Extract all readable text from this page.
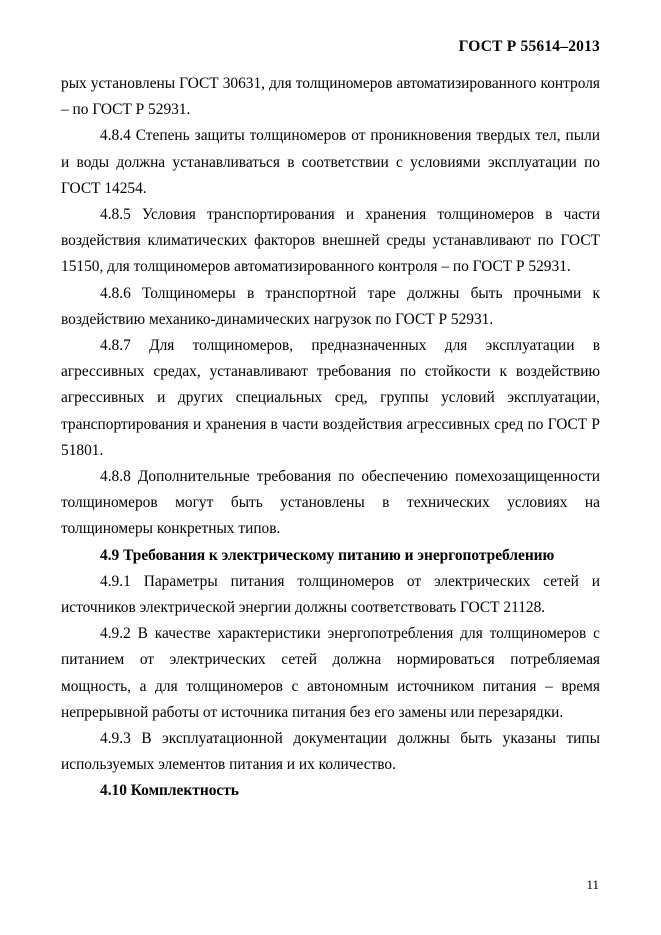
ГОСТ Р 55614–2013

рых установлены ГОСТ 30631, для толщиномеров автоматизированного контроля – по ГОСТ Р 52931.

4.8.4 Степень защиты толщиномеров от проникновения твердых тел, пыли и воды должна устанавливаться в соответствии с условиями эксплуатации по ГОСТ 14254.

4.8.5 Условия транспортирования и хранения толщиномеров в части воздействия климатических факторов внешней среды устанавливают по ГОСТ 15150, для толщиномеров автоматизированного контроля – по ГОСТ Р 52931.

4.8.6 Толщиномеры в транспортной таре должны быть прочными к воздействию механико-динамических нагрузок по ГОСТ Р 52931.

4.8.7 Для толщиномеров, предназначенных для эксплуатации в агрессивных средах, устанавливают требования по стойкости к воздействию агрессивных и других специальных сред, группы условий эксплуатации, транспортирования и хранения в части воздействия агрессивных сред по ГОСТ Р 51801.

4.8.8 Дополнительные требования по обеспечению помехозащищенности толщиномеров могут быть установлены в технических условиях на толщиномеры конкретных типов.

4.9 Требования к электрическому питанию и энергопотреблению

4.9.1 Параметры питания толщиномеров от электрических сетей и источников электрической энергии должны соответствовать ГОСТ 21128.

4.9.2 В качестве характеристики энергопотребления для толщиномеров с питанием от электрических сетей должна нормироваться потребляемая мощность, а для толщиномеров с автономным источником питания – время непрерывной работы от источника питания без его замены или перезарядки.

4.9.3 В эксплуатационной документации должны быть указаны типы используемых элементов питания и их количество.

4.10 Комплектность
11
